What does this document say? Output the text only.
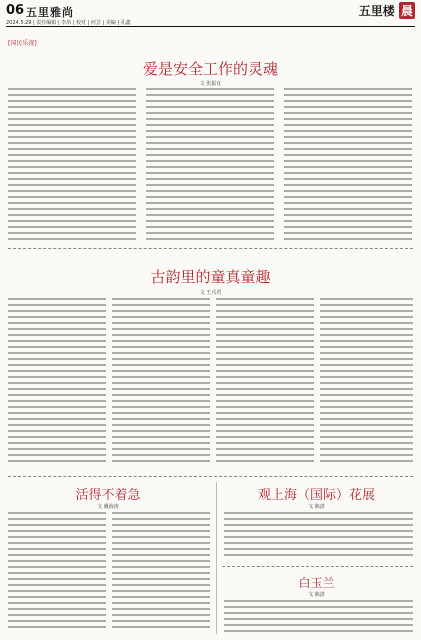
06 五里雅尚
2024.5.29 | 责任编辑 | 李冶 | 校对 | 何芸 | 美编 | 孔鑫
五里楼 晨
[国民乐视]
爱是安全工作的灵魂
文 张振宜
古韵里的童真童趣
文 王兴君
活得不着急
文 戴海涛
观上海（国际）花展
文 陈湛
白玉兰
文 陈湛
